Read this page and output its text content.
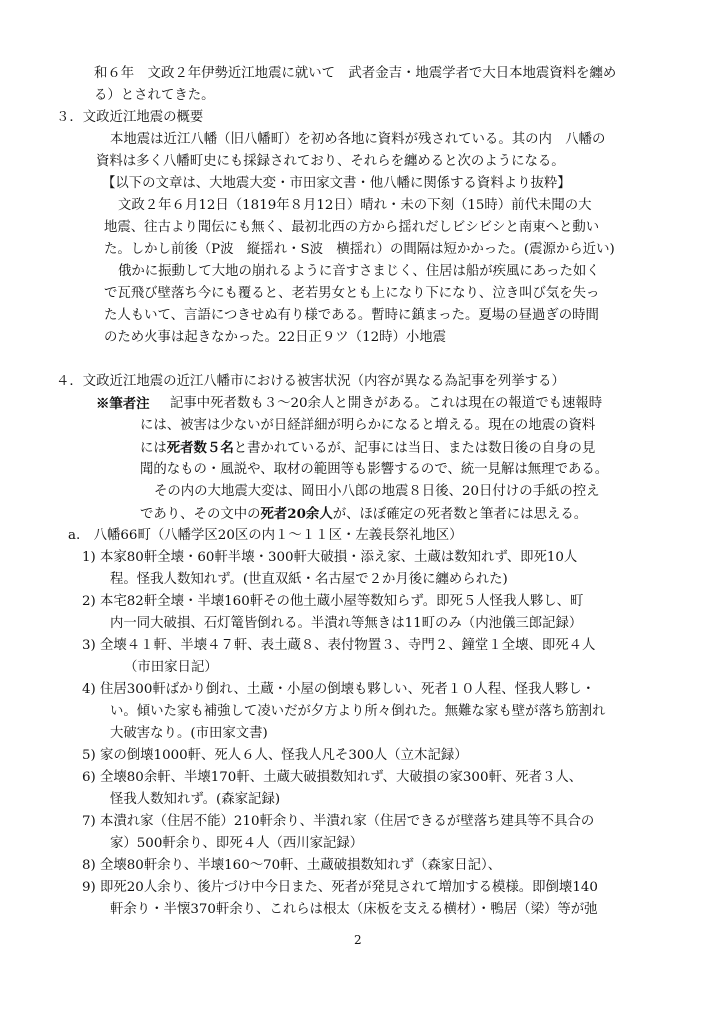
和６年　文政２年伊勢近江地震に就いて　武者金吉・地震学者で大日本地震資料を纏め
る）とされてきた。
３．文政近江地震の概要
本地震は近江八幡（旧八幡町）を初め各地に資料が残されている。其の内　八幡の
資料は多く八幡町史にも採録されており、それらを纏めると次のようになる。
【以下の文章は、大地震大変・市田家文書・他八幡に関係する資料より抜粋】
文政２年６月12日（1819年８月12日）晴れ・未の下刻（15時）前代未聞の大
地震、往古より聞伝にも無く、最初北西の方から揺れだしビシビシと南東へと動い
た。しかし前後（P波　縦揺れ・S波　横揺れ）の間隔は短かかった。(震源から近い)
俄かに振動して大地の崩れるように音すさまじく、住居は船が疾風にあった如く
で瓦飛び壁落ち今にも覆ると、老若男女とも上になり下になり、泣き叫び気を失っ
た人もいて、言語につきせぬ有り様である。暫時に鎮まった。夏場の昼過ぎの時間
のため火事は起きなかった。22日正９ツ（12時）小地震
４．文政近江地震の近江八幡市における被害状況（内容が異なる為記事を列挙する）
※筆者注 記事中死者数も３～20余人と開きがある。これは現在の報道でも速報時
には、被害は少ないが日経詳細が明らかになると増える。現在の地震の資料
には死者数５名と書かれているが、記事には当日、または数日後の自身の見
聞的なもの・風説や、取材の範囲等も影響するので、統一見解は無理である。
その内の大地震大変は、岡田小八郎の地震８日後、20日付けの手紙の控え
であり、その文中の死者20余人が、ほぼ確定の死者数と筆者には思える。
a.　八幡66町（八幡学区20区の内１～１１区・左義長祭礼地区）
1) 本家80軒全壊・60軒半壊・300軒大破損・添え家、土蔵は数知れず、即死10人
程。怪我人数知れず。(世直双紙・名古屋で２か月後に纏められた)
2) 本宅82軒全壊・半壊160軒その他土蔵小屋等数知らず。即死５人怪我人夥し、町
内一同大破損、石灯篭皆倒れる。半潰れ等無きは11町のみ（内池儀三郎記録）
3) 全壊４１軒、半壊４７軒、表土蔵８、表付物置３、寺門２、鐘堂１全壊、即死４人
（市田家日記）
4) 住居300軒ばかり倒れ、土蔵・小屋の倒壊も夥しい、死者１０人程、怪我人夥し・
い。傾いた家も補強して凌いだが夕方より所々倒れた。無難な家も壁が落ち筋割れ
大破害なり。(市田家文書)
5) 家の倒壊1000軒、死人６人、怪我人凡そ300人（立木記録）
6) 全壊80余軒、半壊170軒、土蔵大破損数知れず、大破損の家300軒、死者３人、
怪我人数知れず。(森家記録)
7) 本潰れ家（住居不能）210軒余り、半潰れ家（住居できるが壁落ち建具等不具合の
家）500軒余り、即死４人（西川家記録）
8) 全壊80軒余り、半壊160～70軒、土蔵破損数知れず（森家日記）、
9) 即死20人余り、後片づけ中今日また、死者が発見されて増加する模様。即倒壊140
軒余り・半懐370軒余り、これらは根太（床板を支える横材）・鴨居（梁）等が弛
2
